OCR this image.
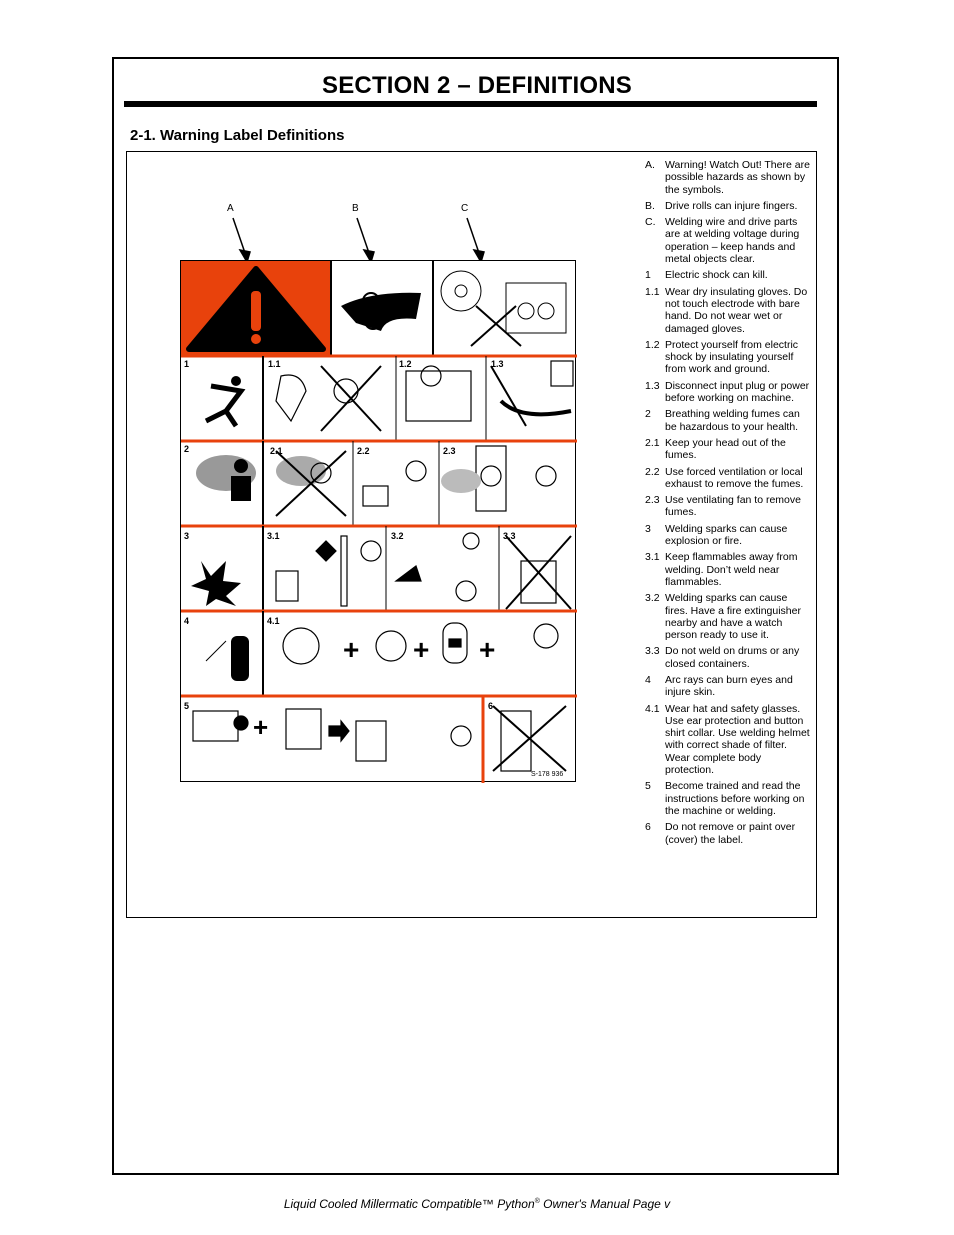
SECTION 2 – DEFINITIONS
2-1. Warning Label Definitions
A	B	C
+ + +
+
1	1.1	1.2	1.3
2	2.1	2.2	2.3
3	3.1	3.2	3.3
4	4.1
5	6
S-178 936
A. Warning! Watch Out! There are possible hazards as shown by the symbols.
B. Drive rolls can injure fingers.
C. Welding wire and drive parts are at welding voltage during operation – keep hands and metal objects clear.
1	Electric shock can kill.
1.1 Wear dry insulating gloves. Do not touch electrode with bare hand. Do not wear wet or damaged gloves.
1.2 Protect yourself from electric shock by insulating yourself from work and ground.
1.3 Disconnect input plug or power before working on machine.
2	Breathing welding fumes can be hazardous to your health.
2.1 Keep your head out of the fumes.
2.2 Use forced ventilation or local exhaust to remove the fumes.
2.3 Use ventilating fan to remove fumes.
3	Welding sparks can cause explosion or fire.
3.1 Keep flammables away from welding. Don’t weld near flammables.
3.2 Welding sparks can cause fires. Have a fire extinguisher nearby and have a watch person ready to use it.
3.3 Do not weld on drums or any closed containers.
4	Arc rays can burn eyes and injure skin.
4.1 Wear hat and safety glasses. Use ear protection and button shirt collar. Use welding helmet with correct shade of filter. Wear complete body protection.
5	Become trained and read the instructions before working on the machine or welding.
6	Do not remove or paint over (cover) the label.
Liquid Cooled Millermatic Compatible™ Python® Owner's Manual Page v
